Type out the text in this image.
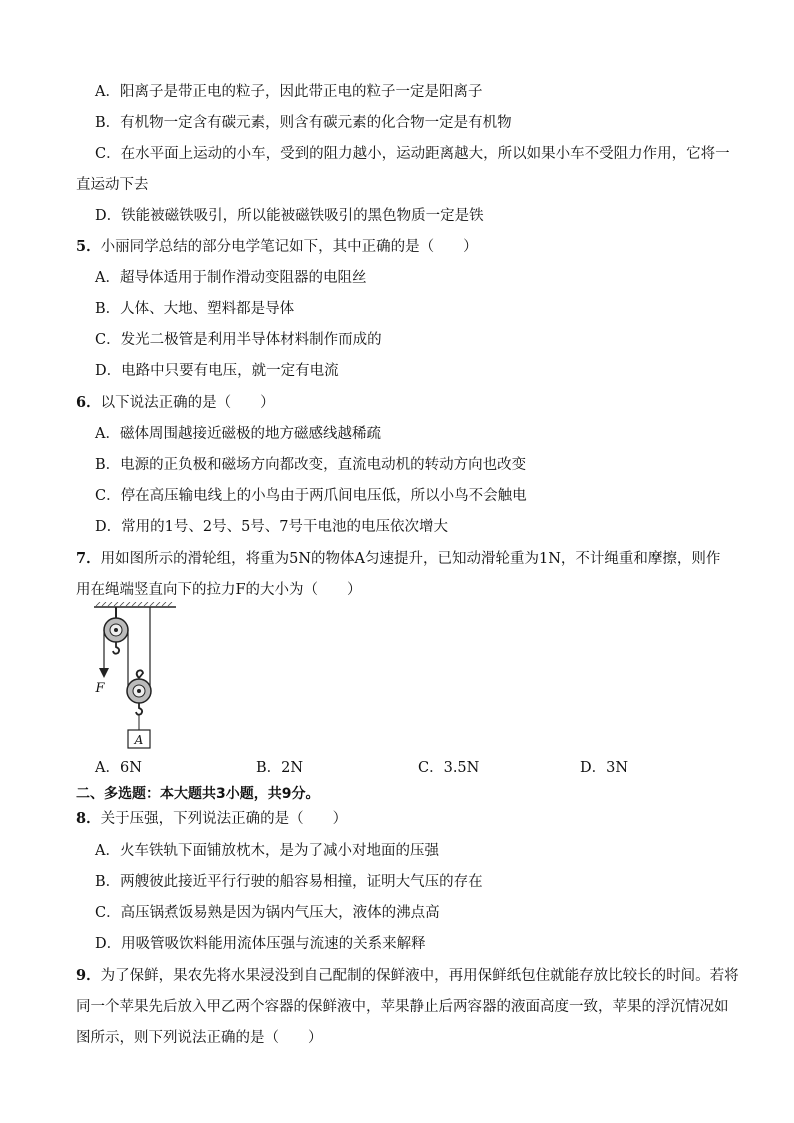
A．阳离子是带正电的粒子，因此带正电的粒子一定是阳离子
B．有机物一定含有碳元素，则含有碳元素的化合物一定是有机物
C．在水平面上运动的小车，受到的阻力越小，运动距离越大，所以如果小车不受阻力作用，它将一
直运动下去
D．铁能被磁铁吸引，所以能被磁铁吸引的黑色物质一定是铁
5．小丽同学总结的部分电学笔记如下，其中正确的是（　　）
A．超导体适用于制作滑动变阻器的电阻丝
B．人体、大地、塑料都是导体
C．发光二极管是利用半导体材料制作而成的
D．电路中只要有电压，就一定有电流
6．以下说法正确的是（　　）
A．磁体周围越接近磁极的地方磁感线越稀疏
B．电源的正负极和磁场方向都改变，直流电动机的转动方向也改变
C．停在高压输电线上的小鸟由于两爪间电压低，所以小鸟不会触电
D．常用的1号、2号、5号、7号干电池的电压依次增大
7．用如图所示的滑轮组，将重为5N的物体A匀速提升，已知动滑轮重为1N，不计绳重和摩擦，则作
用在绳端竖直向下的拉力F的大小为（　　）
A
F
A．6N	B．2N	C．3.5N	D．3N
二、多选题：本大题共3小题，共9分。
8．关于压强，下列说法正确的是（　　）
A．火车铁轨下面铺放枕木，是为了减小对地面的压强
B．两艘彼此接近平行行驶的船容易相撞，证明大气压的存在
C．高压锅煮饭易熟是因为锅内气压大，液体的沸点高
D．用吸管吸饮料能用流体压强与流速的关系来解释
9．为了保鲜，果农先将水果浸没到自己配制的保鲜液中，再用保鲜纸包住就能存放比较长的时间。若将
同一个苹果先后放入甲乙两个容器的保鲜液中，苹果静止后两容器的液面高度一致，苹果的浮沉情况如
图所示，则下列说法正确的是（　　）
